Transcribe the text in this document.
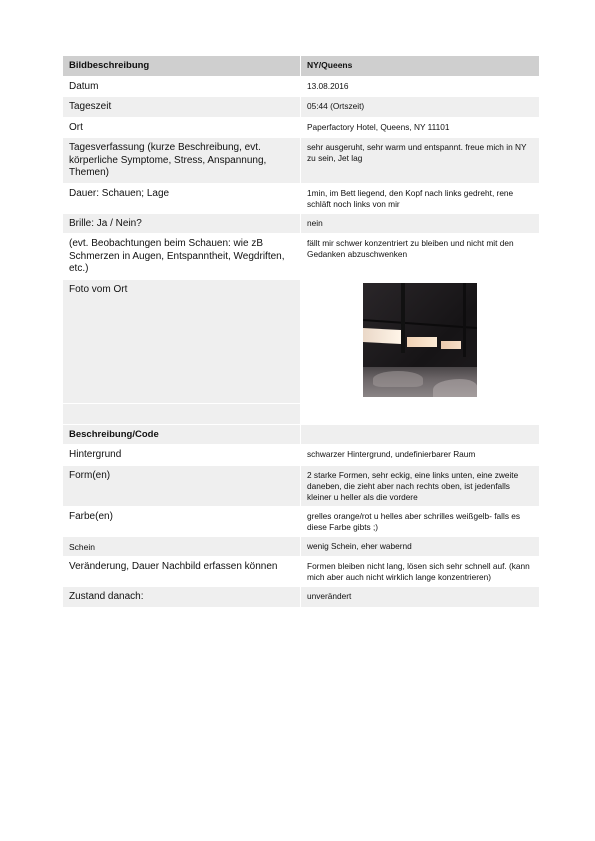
Bildbeschreibung	NY/Queens
Datum	13.08.2016
Tageszeit	05:44 (Ortszeit)
Ort	Paperfactory Hotel, Queens, NY 11101
Tagesverfassung (kurze Beschreibung, evt. körperliche Symptome, Stress, Anspannung, Themen)	sehr ausgeruht, sehr warm und entspannt. freue mich in NY zu sein, Jet lag
Dauer: Schauen; Lage	1min, im Bett liegend, den Kopf nach links gedreht, rene schläft noch links von mir
Brille: Ja / Nein?	nein
(evt. Beobachtungen beim Schauen: wie zB Schmerzen in Augen, Entspanntheit, Wegdriften, etc.)	fällt mir schwer konzentriert zu bleiben und nicht mit den Gedanken abzuschwenken
Foto vom Ort	

Beschreibung/Code	
Hintergrund	schwarzer Hintergrund, undefinierbarer Raum
Form(en)	2 starke Formen, sehr eckig, eine links unten, eine zweite daneben, die zieht aber nach rechts oben, ist jedenfalls kleiner u heller als die vordere
Farbe(en)	grelles orange/rot u helles aber schrilles weißgelb- falls es diese Farbe gibts ;)
Schein	wenig Schein, eher wabernd
Veränderung, Dauer Nachbild erfassen können	Formen bleiben nicht lang, lösen sich sehr schnell auf. (kann mich aber auch nicht wirklich lange konzentrieren)
Zustand danach:	unverändert
